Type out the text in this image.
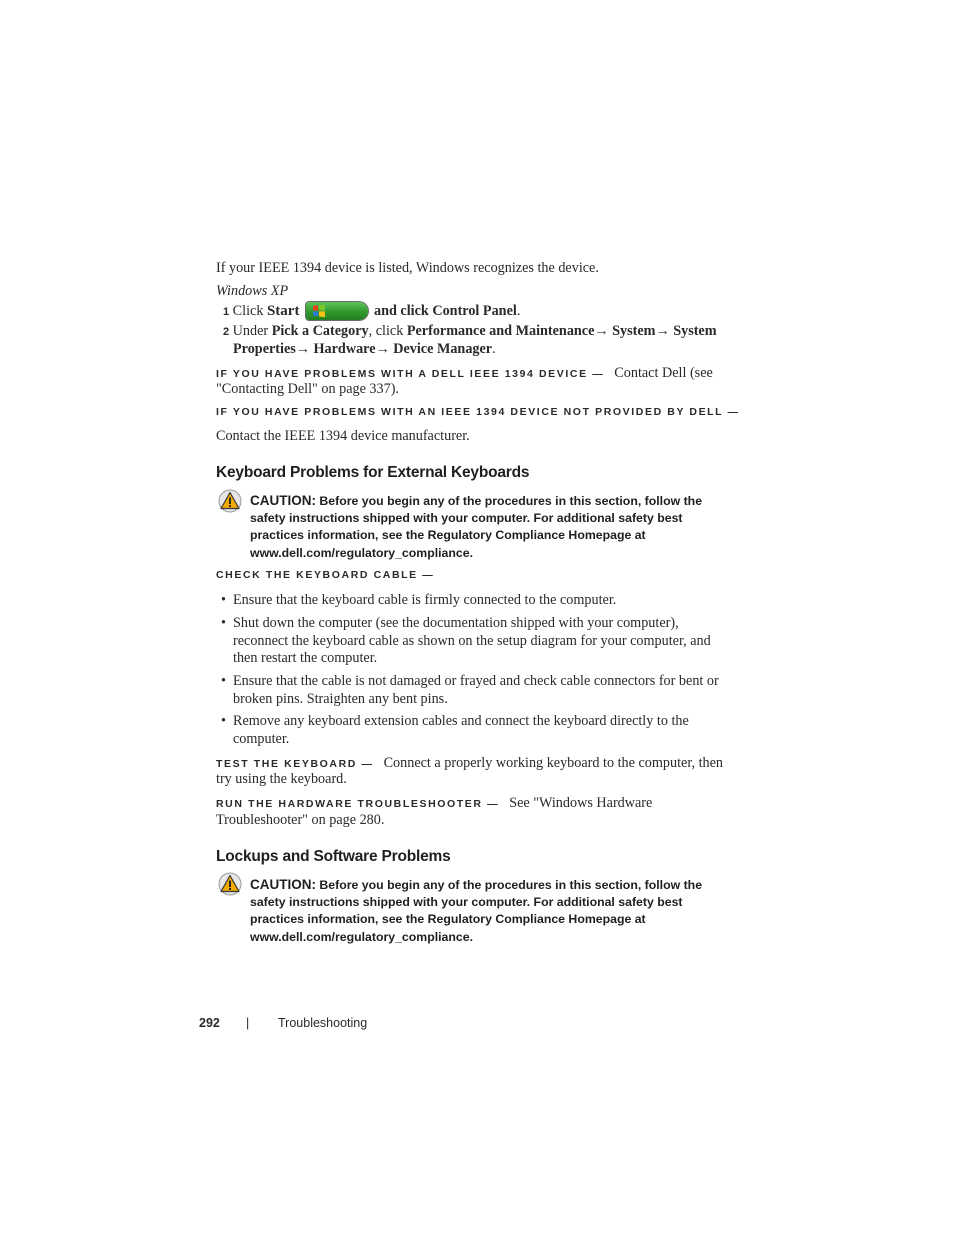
If your IEEE 1394 device is listed, Windows recognizes the device.
Windows XP
1 Click Start	and click Control Panel.
2 Under Pick a Category, click Performance and Maintenance→ System→ System
Properties→ Hardware→ Device Manager.
IF YOU HAVE PROBLEMS WITH A DELL IEEE 1394 DEVICE — Contact Dell (see
"Contacting Dell" on page 337).
IF YOU HAVE PROBLEMS WITH AN IEEE 1394 DEVICE NOT PROVIDED BY DELL —
Contact the IEEE 1394 device manufacturer.
Keyboard Problems for External Keyboards
CAUTION: Before you begin any of the procedures in this section, follow the
safety instructions shipped with your computer. For additional safety best
practices information, see the Regulatory Compliance Homepage at
www.dell.com/regulatory_compliance.
CHECK THE KEYBOARD CABLE —
• Ensure that the keyboard cable is firmly connected to the computer.
• Shut down the computer (see the documentation shipped with your computer),
reconnect the keyboard cable as shown on the setup diagram for your computer, and
then restart the computer.
• Ensure that the cable is not damaged or frayed and check cable connectors for bent or
broken pins. Straighten any bent pins.
• Remove any keyboard extension cables and connect the keyboard directly to the
computer.
TEST THE KEYBOARD — Connect a properly working keyboard to the computer, then
try using the keyboard.
RUN THE HARDWARE TROUBLESHOOTER — See "Windows Hardware
Troubleshooter" on page 280.
Lockups and Software Problems
CAUTION: Before you begin any of the procedures in this section, follow the
safety instructions shipped with your computer. For additional safety best
practices information, see the Regulatory Compliance Homepage at
www.dell.com/regulatory_compliance.
292 | Troubleshooting
